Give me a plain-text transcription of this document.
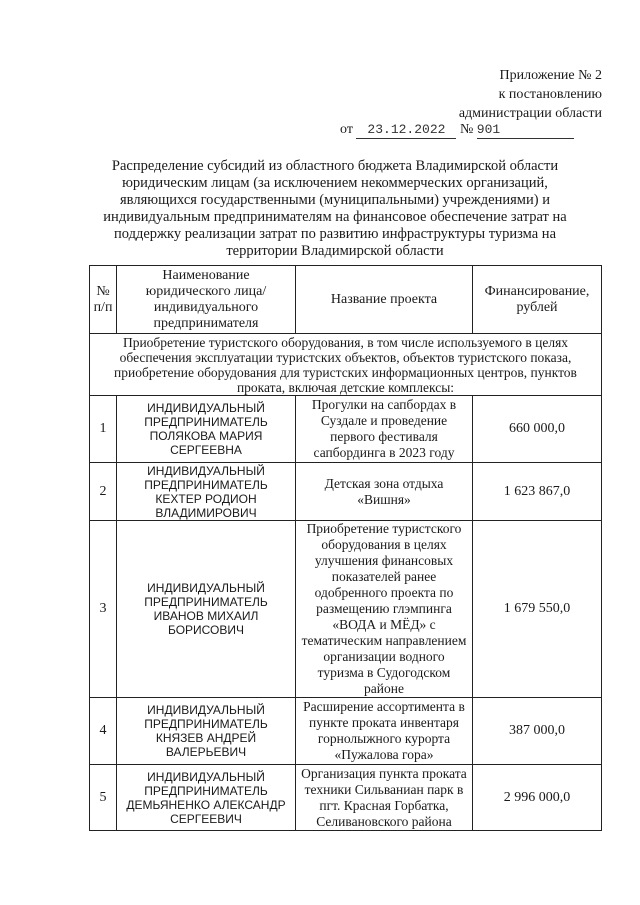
Приложение № 2
к постановлению
администрации области
от 23.12.2022 № 901
Распределение субсидий из областного бюджета Владимирской области юридическим лицам (за исключением некоммерческих организаций, являющихся государственными (муниципальными) учреждениями) и индивидуальным предпринимателям на финансовое обеспечение затрат на поддержку реализации затрат по развитию инфраструктуры туризма на территории Владимирской области
№ п/п	Наименование юридического лица/индивидуального предпринимателя	Название проекта	Финансирование, рублей
Приобретение туристского оборудования, в том числе используемого в целях обеспечения эксплуатации туристских объектов, объектов туристского показа, приобретение оборудования для туристских информационных центров, пунктов проката, включая детские комплексы:			
1	ИНДИВИДУАЛЬНЫЙ ПРЕДПРИНИМАТЕЛЬ ПОЛЯКОВА МАРИЯ СЕРГЕЕВНА	Прогулки на сапбордах в Суздале и проведение первого фестиваля сапбординга в 2023 году	660 000,0
2	ИНДИВИДУАЛЬНЫЙ ПРЕДПРИНИМАТЕЛЬ КЕХТЕР РОДИОН ВЛАДИМИРОВИЧ	Детская зона отдыха «Вишня»	1 623 867,0
3	ИНДИВИДУАЛЬНЫЙ ПРЕДПРИНИМАТЕЛЬ ИВАНОВ МИХАИЛ БОРИСОВИЧ	Приобретение туристского оборудования в целях улучшения финансовых показателей ранее одобренного проекта по размещению глэмпинга «ВОДА и МЁД» с тематическим направлением организации водного туризма в Судогодском районе	1 679 550,0
4	ИНДИВИДУАЛЬНЫЙ ПРЕДПРИНИМАТЕЛЬ КНЯЗЕВ АНДРЕЙ ВАЛЕРЬЕВИЧ	Расширение ассортимента в пункте проката инвентаря горнолыжного курорта «Пужалова гора»	387 000,0
5	ИНДИВИДУАЛЬНЫЙ ПРЕДПРИНИМАТЕЛЬ ДЕМЬЯНЕНКО АЛЕКСАНДР СЕРГЕЕВИЧ	Организация пункта проката техники Сильваниан парк в пгт. Красная Горбатка, Селивановского района	2 996 000,0
